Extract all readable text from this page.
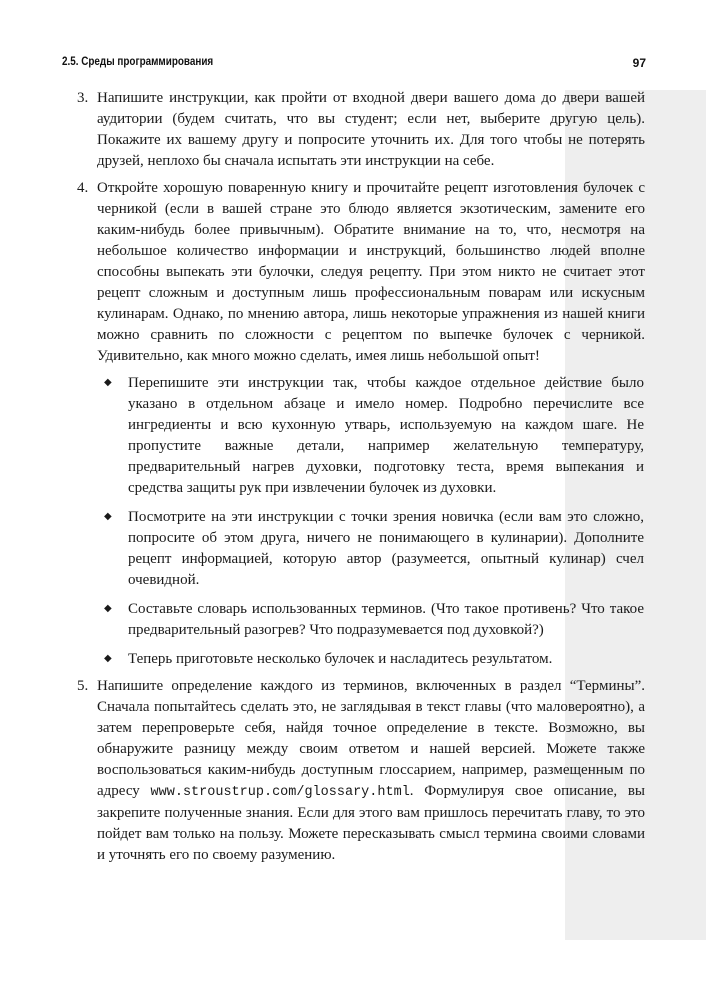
2.5. Среды программирования	97
3. Напишите инструкции, как пройти от входной двери вашего дома до двери вашей аудитории (будем считать, что вы студент; если нет, выберите другую цель). Покажите их вашему другу и попросите уточнить их. Для того чтобы не потерять друзей, неплохо бы сначала испытать эти инструкции на себе.
4. Откройте хорошую поваренную книгу и прочитайте рецепт изготовления булочек с черникой (если в вашей стране это блюдо является экзотическим, замените его каким-нибудь более привычным). Обратите внимание на то, что, несмотря на небольшое количество информации и инструкций, большинство людей вполне способны выпекать эти булочки, следуя рецепту. При этом никто не считает этот рецепт сложным и доступным лишь профессиональным поварам или искусным кулинарам. Однако, по мнению автора, лишь некоторые упражнения из нашей книги можно сравнить по сложности с рецептом по выпечке булочек с черникой. Удивительно, как много можно сделать, имея лишь небольшой опыт!
◆ Перепишите эти инструкции так, чтобы каждое отдельное действие было указано в отдельном абзаце и имело номер. Подробно перечислите все ингредиенты и всю кухонную утварь, используемую на каждом шаге. Не пропустите важные детали, например желательную температуру, предварительный нагрев духовки, подготовку теста, время выпекания и средства защиты рук при извлечении булочек из духовки.
◆ Посмотрите на эти инструкции с точки зрения новичка (если вам это сложно, попросите об этом друга, ничего не понимающего в кулинарии). Дополните рецепт информацией, которую автор (разумеется, опытный кулинар) счел очевидной.
◆ Составьте словарь использованных терминов. (Что такое противень? Что такое предварительный разогрев? Что подразумевается под духовкой?)
◆ Теперь приготовьте несколько булочек и насладитесь результатом.
5. Напишите определение каждого из терминов, включенных в раздел “Термины”. Сначала попытайтесь сделать это, не заглядывая в текст главы (что маловероятно), а затем перепроверьте себя, найдя точное определение в тексте. Возможно, вы обнаружите разницу между своим ответом и нашей версией. Можете также воспользоваться каким-нибудь доступным глоссарием, например, размещенным по адресу www.stroustrup.com/glossary.html. Формулируя свое описание, вы закрепите полученные знания. Если для этого вам пришлось перечитать главу, то это пойдет вам только на пользу. Можете пересказывать смысл термина своими словами и уточнять его по своему разумению.
